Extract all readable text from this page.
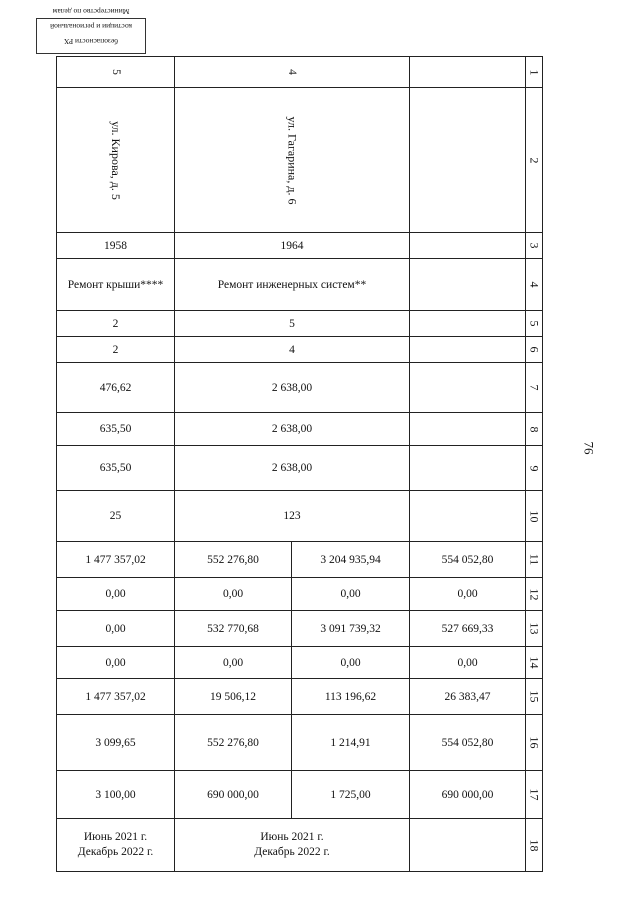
безопасности РХ
костиции и региональной
Министерство по делам
76
5	4			1
ул. Кирова, д. 5	ул. Гагарина, д. 6			2
1958	1964			3
Ремонт крыши****	Ремонт инженерных систем**			4
2	5			5
2	4			6
476,62	2 638,00			7
635,50	2 638,00			8
635,50	2 638,00			9
25	123			10
1 477 357,02	552 276,80	3 204 935,94	554 052,80	11
0,00	0,00	0,00	0,00	12
0,00	532 770,68	3 091 739,32	527 669,33	13
0,00	0,00	0,00	0,00	14
1 477 357,02	19 506,12	113 196,62	26 383,47	15
3 099,65	552 276,80	1 214,91	554 052,80	16
3 100,00	690 000,00	1 725,00	690 000,00	17
Июнь 2021 г.
Декабрь 2022 г.	Июнь 2021 г.
Декабрь 2022 г.			18
